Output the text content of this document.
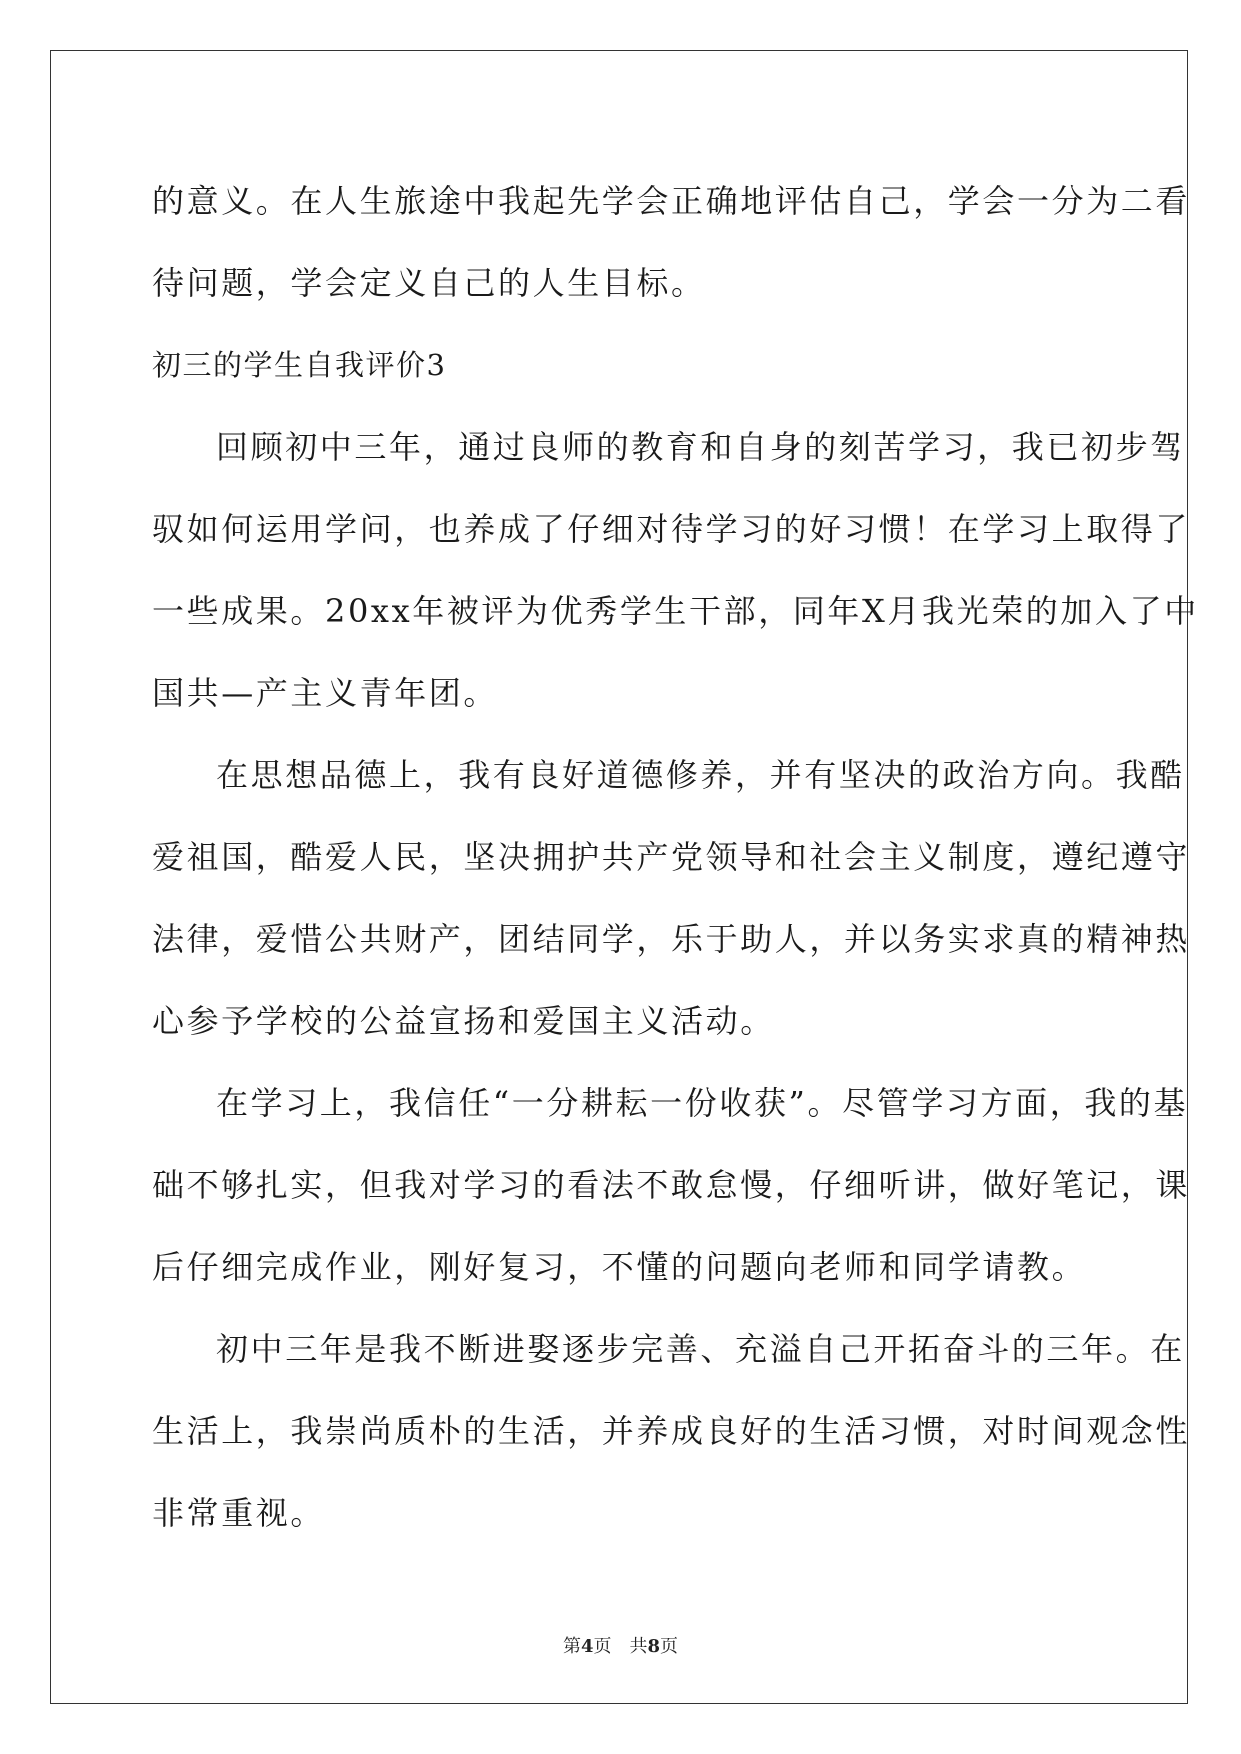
的意义。在人生旅途中我起先学会正确地评估自己，学会一分为二看
待问题，学会定义自己的人生目标。
初三的学生自我评价3
回顾初中三年，通过良师的教育和自身的刻苦学习，我已初步驾
驭如何运用学问，也养成了仔细对待学习的好习惯！在学习上取得了
一些成果。20xx年被评为优秀学生干部，同年X月我光荣的加入了中
国共—产主义青年团。
在思想品德上，我有良好道德修养，并有坚决的政治方向。我酷
爱祖国，酷爱人民，坚决拥护共产党领导和社会主义制度，遵纪遵守
法律，爱惜公共财产，团结同学，乐于助人，并以务实求真的精神热
心参予学校的公益宣扬和爱国主义活动。
在学习上，我信任“一分耕耘一份收获”。尽管学习方面，我的基
础不够扎实，但我对学习的看法不敢怠慢，仔细听讲，做好笔记，课
后仔细完成作业，刚好复习，不懂的问题向老师和同学请教。
初中三年是我不断进娶逐步完善、充溢自己开拓奋斗的三年。在
生活上，我崇尚质朴的生活，并养成良好的生活习惯，对时间观念性
非常重视。
第4页 共8页
